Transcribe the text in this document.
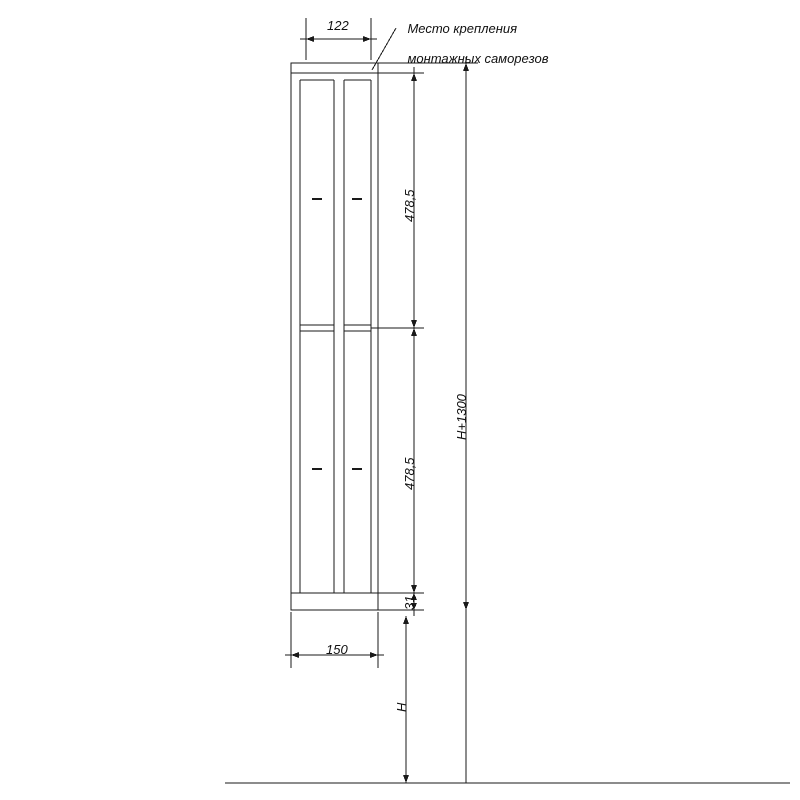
Место крепления

монтажных саморезов

122
150
478,5
478,5
31
H+1300
H
